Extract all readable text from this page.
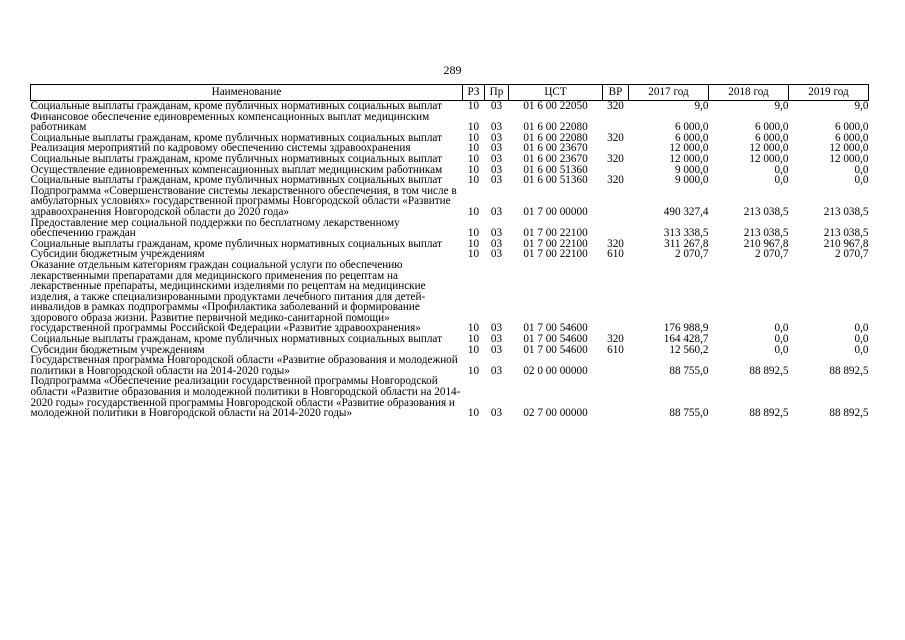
289
Наименование	РЗ	Пр	ЦСТ	ВР	2017 год	2018 год	2019 год
Социальные выплаты гражданам, кроме публичных нормативных социальных выплат	10	03	01 6 00 22050	320	9,0	9,0	9,0
Финансовое обеспечение единовременных компенсационных выплат медицинским работникам	10	03	01 6 00 22080		6 000,0	6 000,0	6 000,0
Социальные выплаты гражданам, кроме публичных нормативных социальных выплат	10	03	01 6 00 22080	320	6 000,0	6 000,0	6 000,0
Реализация мероприятий по кадровому обеспечению системы здравоохранения	10	03	01 6 00 23670		12 000,0	12 000,0	12 000,0
Социальные выплаты гражданам, кроме публичных нормативных социальных выплат	10	03	01 6 00 23670	320	12 000,0	12 000,0	12 000,0
Осуществление единовременных компенсационных выплат медицинским работникам	10	03	01 6 00 51360		9 000,0	0,0	0,0
Социальные выплаты гражданам, кроме публичных нормативных социальных выплат	10	03	01 6 00 51360	320	9 000,0	0,0	0,0
Подпрограмма «Совершенствование системы лекарственного обеспечения, в том числе в амбулаторных условиях» государственной программы Новгородской области «Развитие здравоохранения Новгородской области до 2020 года»	10	03	01 7 00 00000		490 327,4	213 038,5	213 038,5
Предоставление мер социальной поддержки по бесплатному лекарственному обеспечению граждан	10	03	01 7 00 22100		313 338,5	213 038,5	213 038,5
Социальные выплаты гражданам, кроме публичных нормативных социальных выплат	10	03	01 7 00 22100	320	311 267,8	210 967,8	210 967,8
Субсидии бюджетным учреждениям	10	03	01 7 00 22100	610	2 070,7	2 070,7	2 070,7
Оказание отдельным категориям граждан социальной услуги по обеспечению лекарственными препаратами для медицинского применения по рецептам на лекарственные препараты, медицинскими изделиями по рецептам на медицинские изделия, а также специализированными продуктами лечебного питания для детей-инвалидов в рамках подпрограммы «Профилактика заболеваний и формирование здорового образа жизни. Развитие первичной медико-санитарной помощи» государственной программы Российской Федерации «Развитие здравоохранения»	10	03	01 7 00 54600		176 988,9	0,0	0,0
Социальные выплаты гражданам, кроме публичных нормативных социальных выплат	10	03	01 7 00 54600	320	164 428,7	0,0	0,0
Субсидии бюджетным учреждениям	10	03	01 7 00 54600	610	12 560,2	0,0	0,0
Государственная программа Новгородской области «Развитие образования и молодежной политики в Новгородской области на 2014-2020 годы»	10	03	02 0 00 00000		88 755,0	88 892,5	88 892,5
Подпрограмма «Обеспечение реализации государственной программы Новгородской области «Развитие образования и молодежной политики в Новгородской области на 2014-2020 годы» государственной программы Новгородской области «Развитие образования и молодежной политики в Новгородской области на 2014-2020 годы»	10	03	02 7 00 00000		88 755,0	88 892,5	88 892,5
